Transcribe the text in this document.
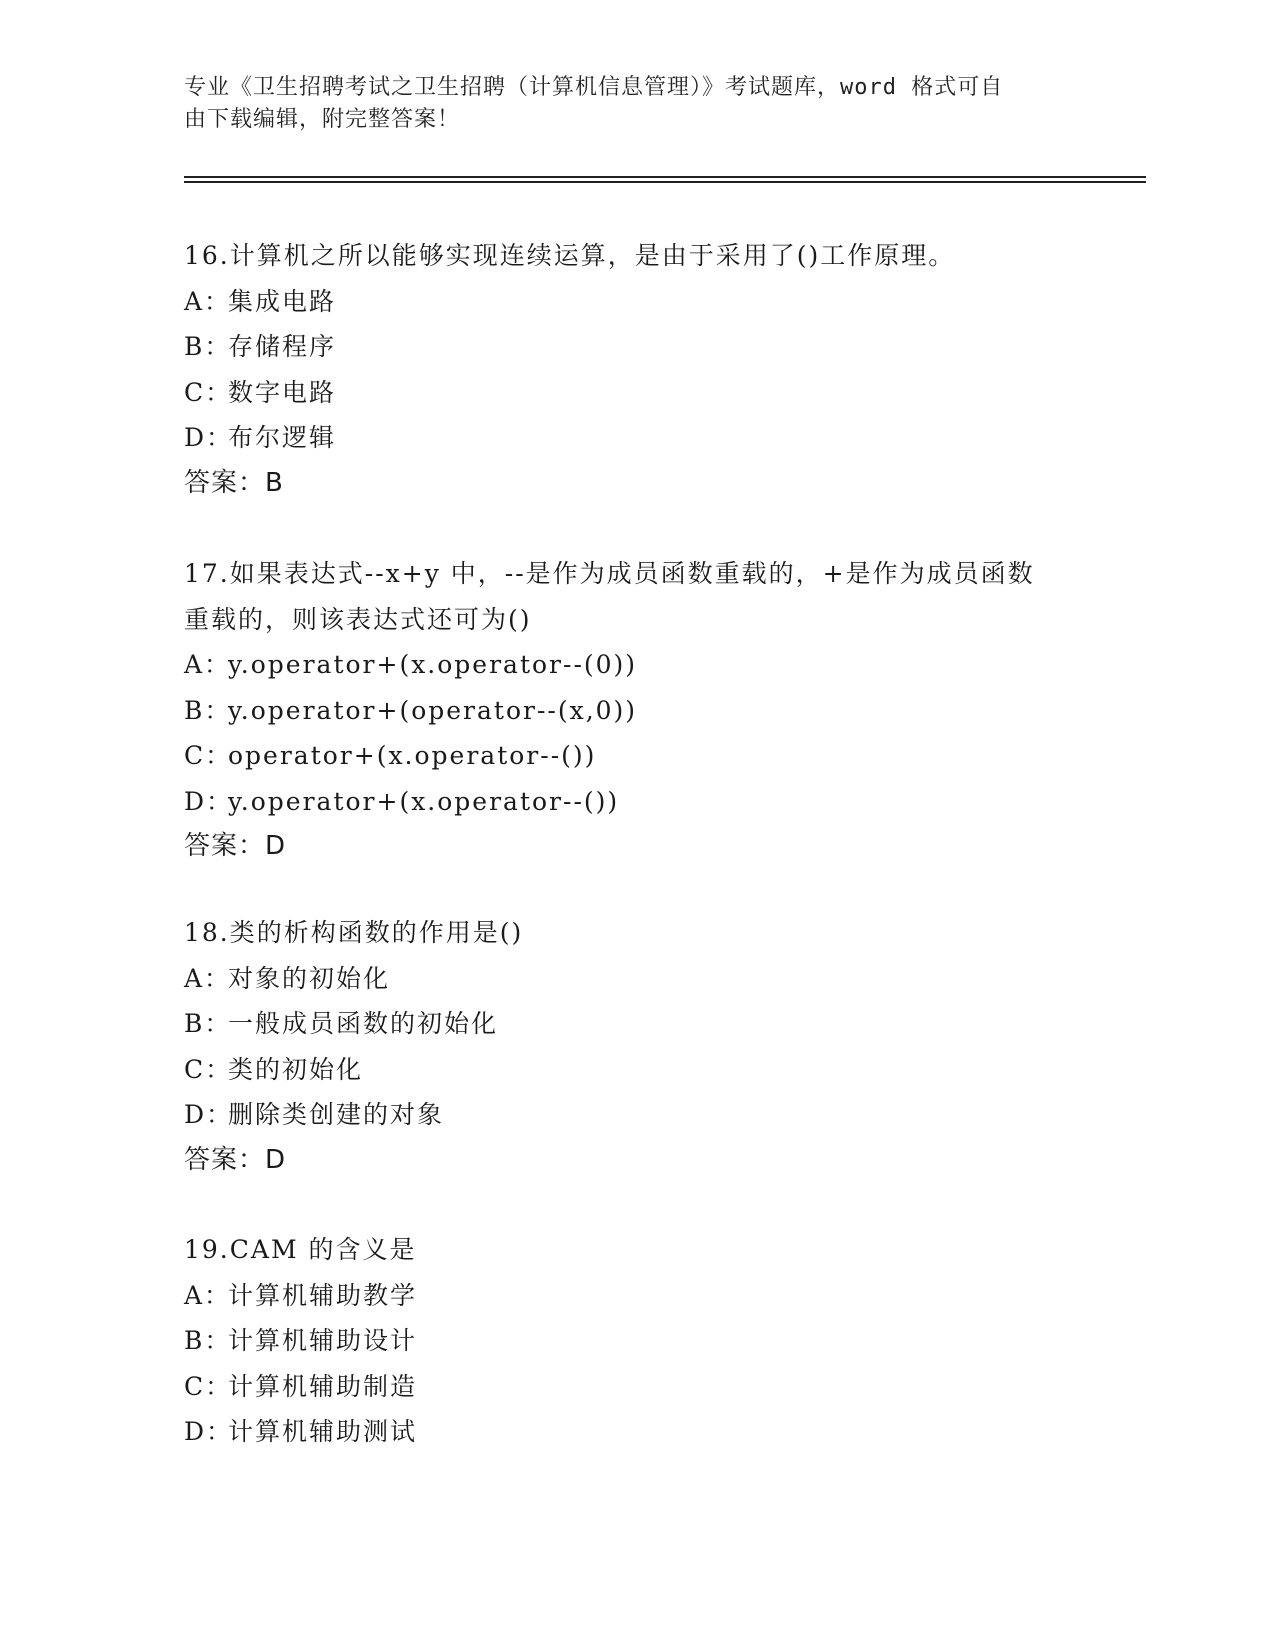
专业《卫生招聘考试之卫生招聘（计算机信息管理）》考试题库，word 格式可自
由下载编辑，附完整答案！
16.计算机之所以能够实现连续运算，是由于采用了()工作原理。
A：集成电路
B：存储程序
C：数字电路
D：布尔逻辑
答案：B
17.如果表达式--x+y 中，--是作为成员函数重载的，+是作为成员函数
重载的，则该表达式还可为()
A：y.operator+(x.operator--(0))
B：y.operator+(operator--(x,0))
C：operator+(x.operator--())
D：y.operator+(x.operator--())
答案：D
18.类的析构函数的作用是()
A：对象的初始化
B：一般成员函数的初始化
C：类的初始化
D：删除类创建的对象
答案：D
19.CAM 的含义是
A：计算机辅助教学
B：计算机辅助设计
C：计算机辅助制造
D：计算机辅助测试
